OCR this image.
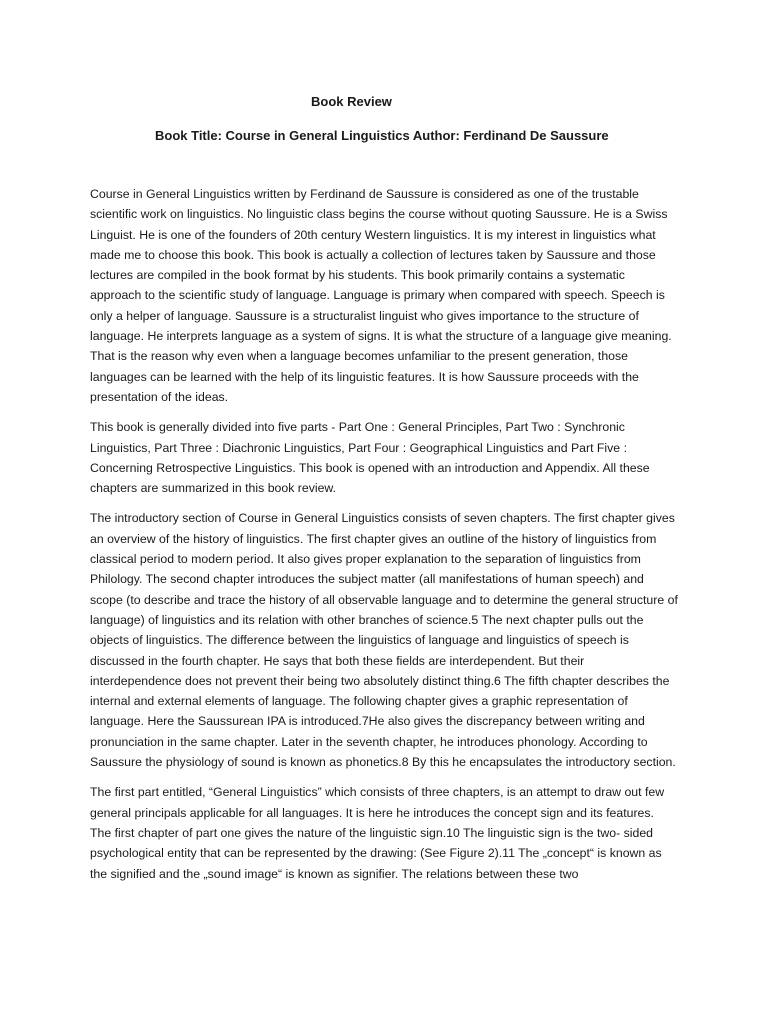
Book Review
Book Title: Course in General Linguistics Author: Ferdinand De Saussure

Course in General Linguistics written by Ferdinand de Saussure is considered as one of the trustable scientific work on linguistics. No linguistic class begins the course without quoting Saussure. He is a Swiss Linguist. He is one of the founders of 20th century Western linguistics. It is my interest in linguistics what made me to choose this book. This book is actually a collection of lectures taken by Saussure and those lectures are compiled in the book format by his students. This book primarily contains a systematic approach to the scientific study of language. Language is primary when compared with speech. Speech is only a helper of language. Saussure is a structuralist linguist who gives importance to the structure of language. He interprets language as a system of signs. It is what the structure of a language give meaning. That is the reason why even when a language becomes unfamiliar to the present generation, those languages can be learned with the help of its linguistic features. It is how Saussure proceeds with the presentation of the ideas.

This book is generally divided into five parts - Part One : General Principles, Part Two : Synchronic Linguistics, Part Three : Diachronic Linguistics, Part Four : Geographical Linguistics and Part Five : Concerning Retrospective Linguistics. This book is opened with an introduction and Appendix. All these chapters are summarized in this book review.

The introductory section of Course in General Linguistics consists of seven chapters. The first chapter gives an overview of the history of linguistics. The first chapter gives an outline of the history of linguistics from classical period to modern period. It also gives proper explanation to the separation of linguistics from Philology. The second chapter introduces the subject matter (all manifestations of human speech) and scope (to describe and trace the history of all observable language and to determine the general structure of language) of linguistics and its relation with other branches of science.5 The next chapter pulls out the objects of linguistics. The difference between the linguistics of language and linguistics of speech is discussed in the fourth chapter. He says that both these fields are interdependent. But their interdependence does not prevent their being two absolutely distinct thing.6 The fifth chapter describes the internal and external elements of language. The following chapter gives a graphic representation of language. Here the Saussurean IPA is introduced.7He also gives the discrepancy between writing and pronunciation in the same chapter. Later in the seventh chapter, he introduces phonology. According to Saussure the physiology of sound is known as phonetics.8 By this he encapsulates the introductory section.

The first part entitled, “General Linguistics” which consists of three chapters, is an attempt to draw out few general principals applicable for all languages. It is here he introduces the concept sign and its features. The first chapter of part one gives the nature of the linguistic sign.10 The linguistic sign is the two- sided psychological entity that can be represented by the drawing: (See Figure 2).11 The „concept“ is known as the signified and the „sound image“ is known as signifier. The relations between these two
